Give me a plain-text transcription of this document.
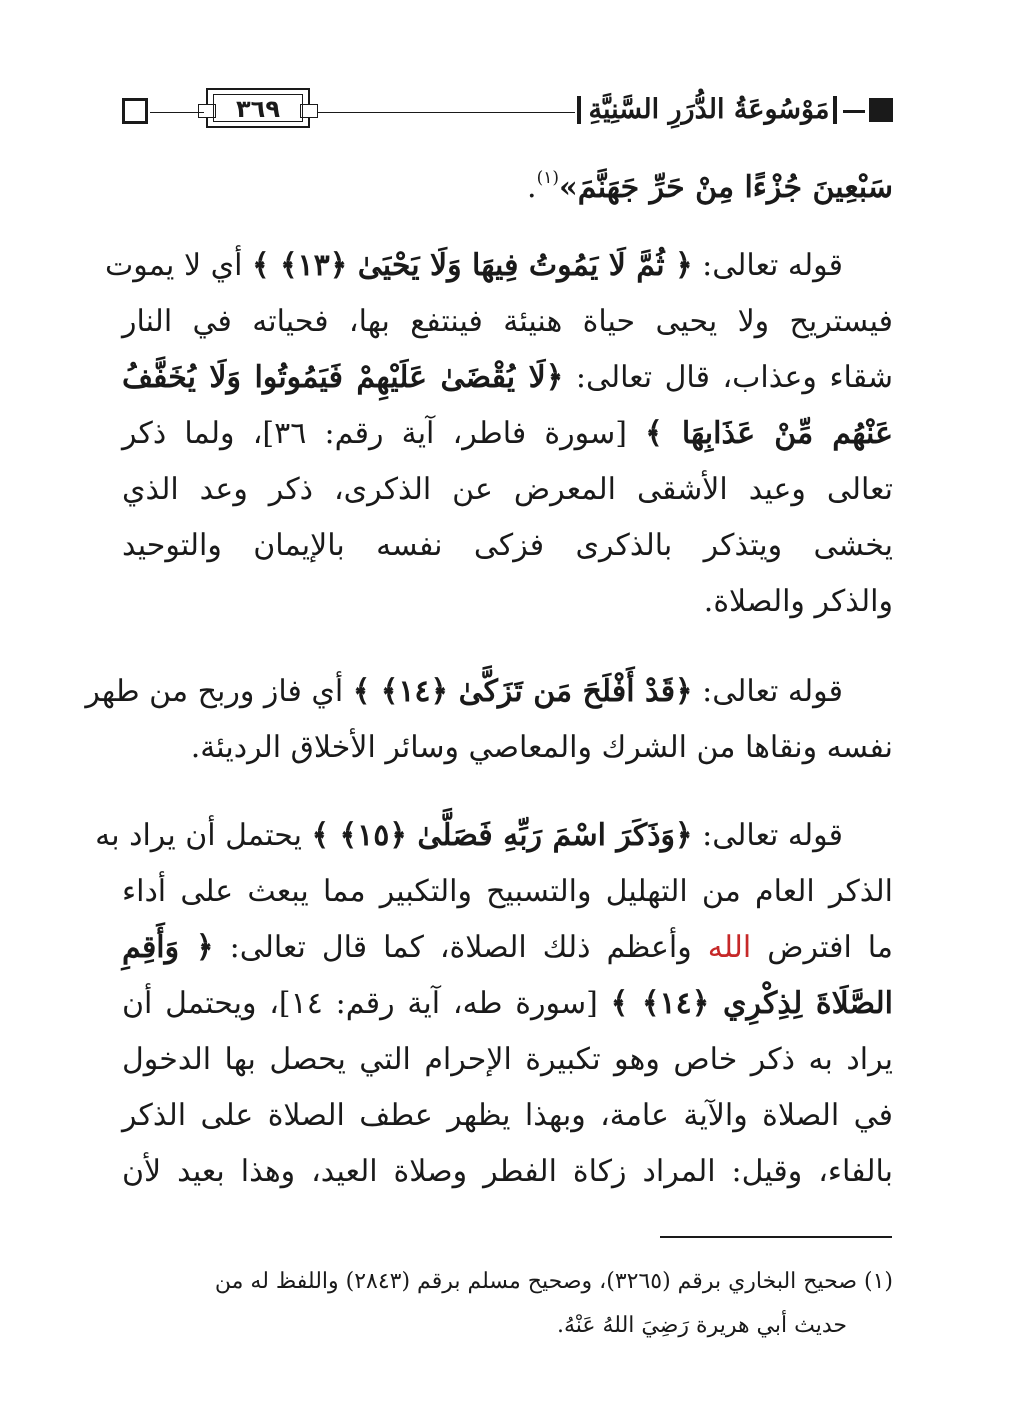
مَوْسُوعَةُ الدُّرَرِ السَّنِيَّةِ
٣٦٩
سَبْعِينَ جُزْءًا مِنْ حَرِّ جَهَنَّمَ»$^{(١)}$.
قوله تعالى: ﴿ ثُمَّ لَا يَمُوتُ فِيهَا وَلَا يَحْيَىٰ ﴿١٣﴾ ﴾ أي لا يموت
فيستريح ولا يحيى حياة هنيئة فينتفع بها، فحياته في النار
شقاء وعذاب، قال تعالى: ﴿لَا يُقْضَىٰ عَلَيْهِمْ فَيَمُوتُوا وَلَا يُخَفَّفُ
عَنْهُم مِّنْ عَذَابِهَا ﴾ [سورة فاطر، آية رقم: ٣٦]، ولما ذكر
تعالى وعيد الأشقى المعرض عن الذكرى، ذكر وعد الذي
يخشى ويتذكر بالذكرى فزكى نفسه بالإيمان والتوحيد
والذكر والصلاة.
قوله تعالى: ﴿قَدْ أَفْلَحَ مَن تَزَكَّىٰ ﴿١٤﴾ ﴾ أي فاز وربح من طهر
نفسه ونقاها من الشرك والمعاصي وسائر الأخلاق الرديئة.
قوله تعالى: ﴿وَذَكَرَ اسْمَ رَبِّهِ فَصَلَّىٰ ﴿١٥﴾ ﴾ يحتمل أن يراد به
الذكر العام من التهليل والتسبيح والتكبير مما يبعث على أداء
ما افترض الله وأعظم ذلك الصلاة، كما قال تعالى: ﴿ وَأَقِمِ
الصَّلَاةَ لِذِكْرِي ﴿١٤﴾ ﴾ [سورة طه، آية رقم: ١٤]، ويحتمل أن
يراد به ذكر خاص وهو تكبيرة الإحرام التي يحصل بها الدخول
في الصلاة والآية عامة، وبهذا يظهر عطف الصلاة على الذكر
بالفاء، وقيل: المراد زكاة الفطر وصلاة العيد، وهذا بعيد لأن
(١) صحيح البخاري برقم (٣٢٦٥)، وصحيح مسلم برقم (٢٨٤٣) واللفظ له من
حديث أبي هريرة رَضِيَ اللهُ عَنْهُ.
